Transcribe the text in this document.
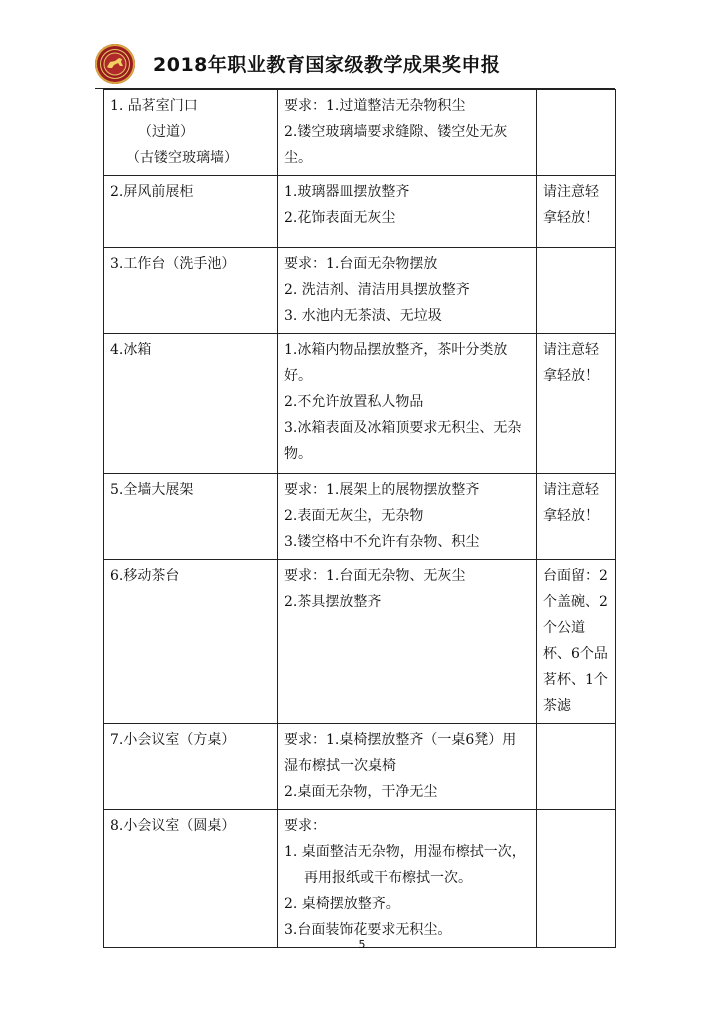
2018年职业教育国家级教学成果奖申报
1. 品茗室门口
（过道）
（古镂空玻璃墙）	要求：1.过道整洁无杂物积尘
2.镂空玻璃墙要求缝隙、镂空处无灰尘。	

2.屏风前展柜	1.玻璃器皿摆放整齐
2.花饰表面无灰尘	请注意轻拿轻放！

3.工作台（洗手池）	要求：1.台面无杂物摆放
2. 洗洁剂、清洁用具摆放整齐
3. 水池内无茶渍、无垃圾	

4.冰箱	1.冰箱内物品摆放整齐，茶叶分类放好。
2.不允许放置私人物品
3.冰箱表面及冰箱顶要求无积尘、无杂物。	请注意轻拿轻放！

5.全墙大展架	要求：1.展架上的展物摆放整齐
2.表面无灰尘，无杂物
3.镂空格中不允许有杂物、积尘	请注意轻拿轻放！

6.移动茶台	要求：1.台面无杂物、无灰尘
2.茶具摆放整齐	台面留：2个盖碗、2个公道杯、6个品茗杯、1个茶滤

7.小会议室（方桌）	要求：1.桌椅摆放整齐（一桌6凳）用湿布檫拭一次桌椅
2.桌面无杂物，干净无尘	

8.小会议室（圆桌）	要求：
1. 桌面整洁无杂物，用湿布檫拭一次，
再用报纸或干布檫拭一次。
2. 桌椅摆放整齐。
3.台面装饰花要求无积尘。	

5
